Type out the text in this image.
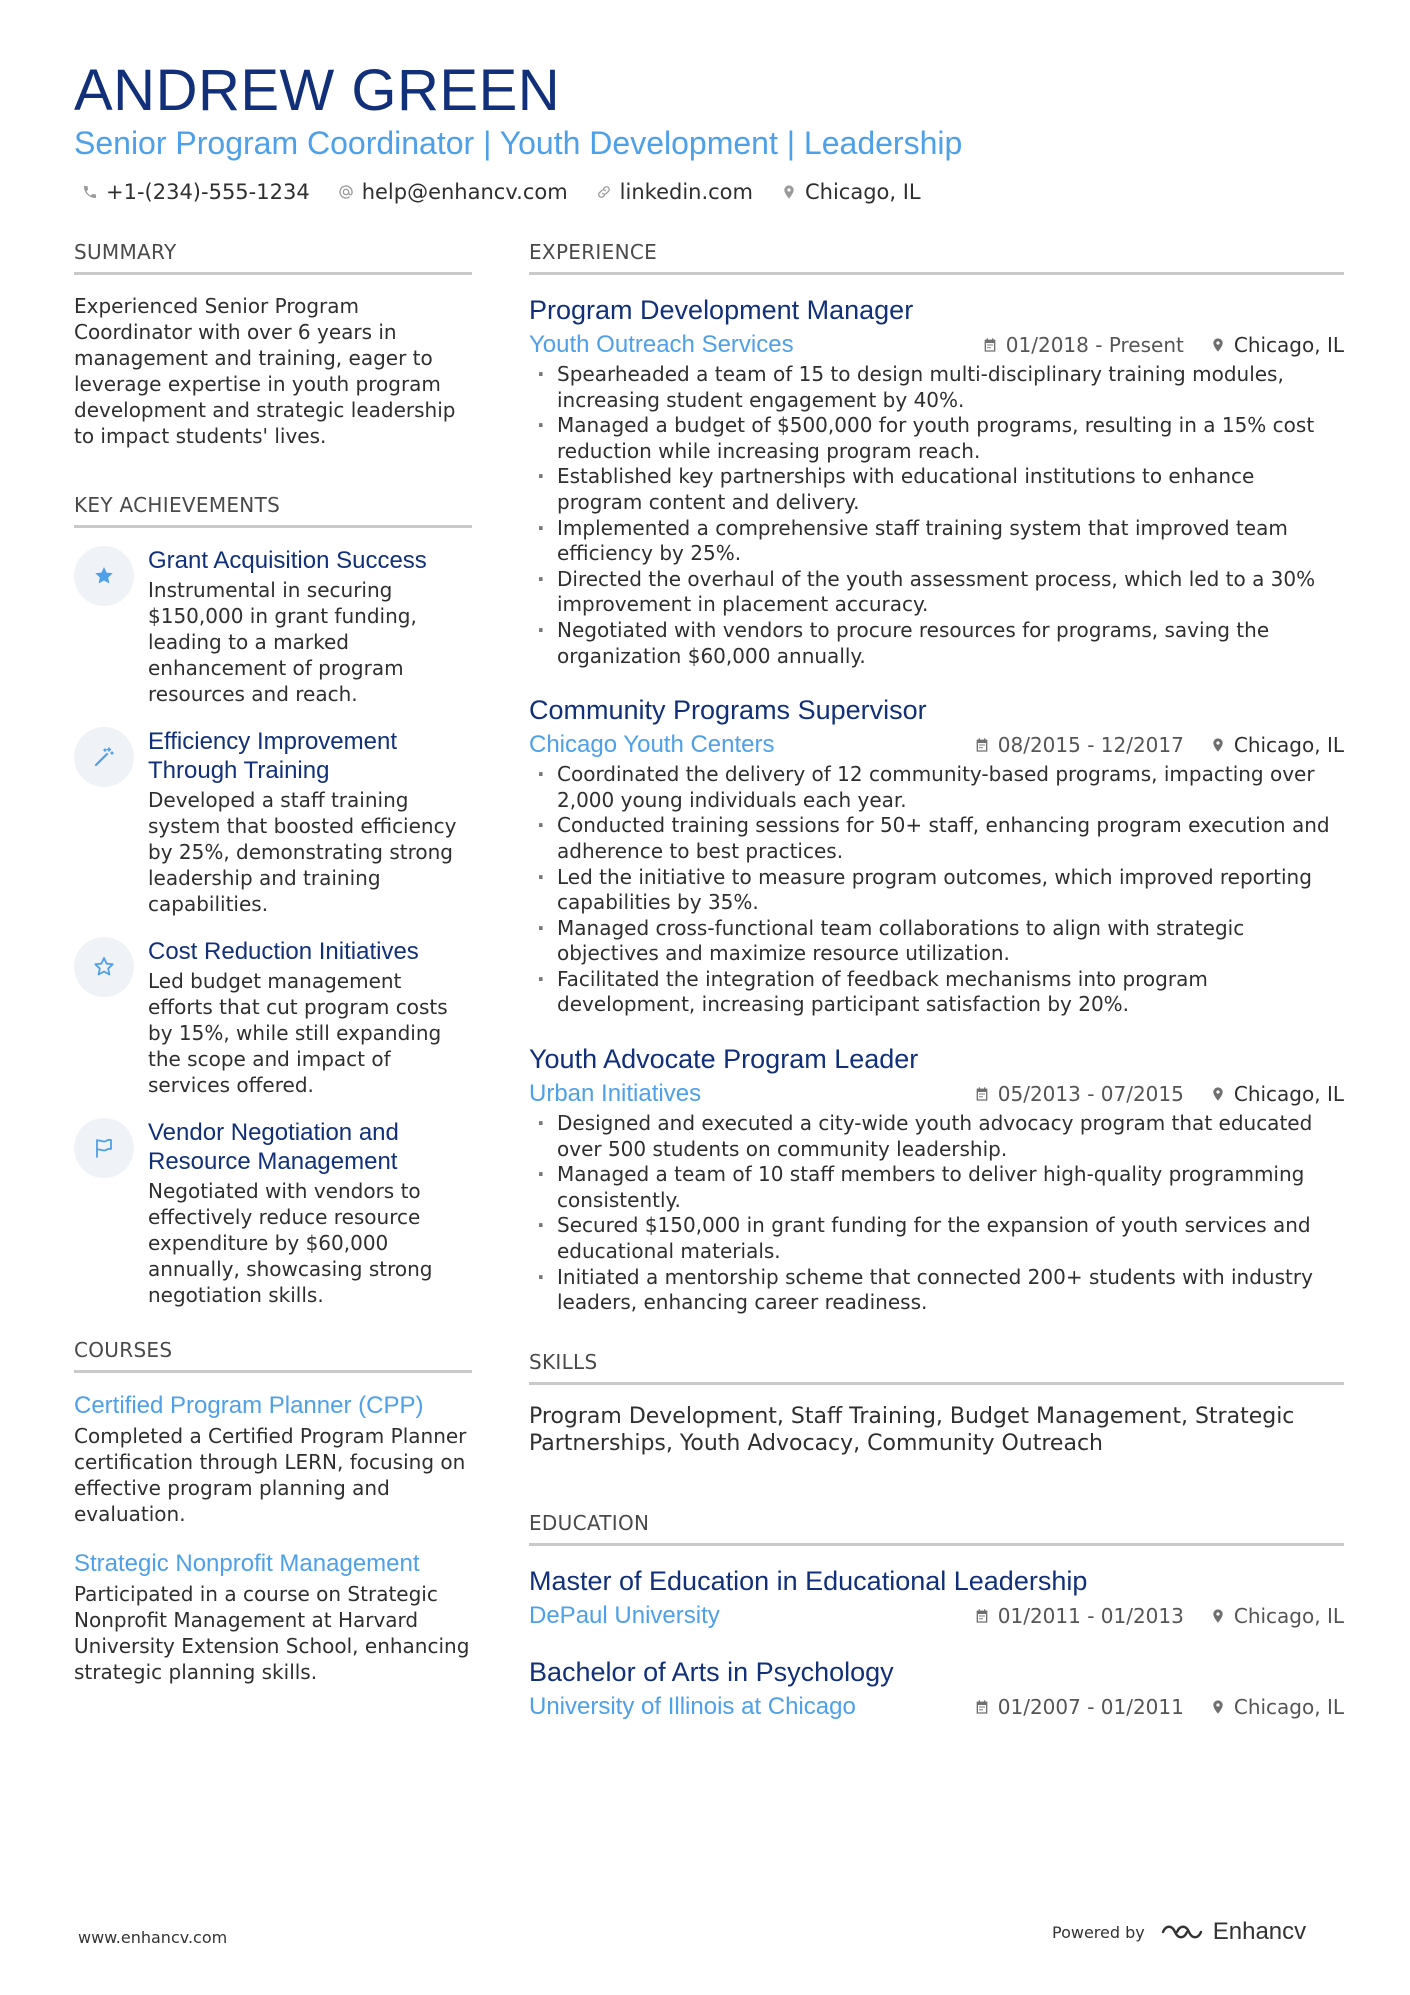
ANDREW GREEN
Senior Program Coordinator | Youth Development | Leadership
+1-(234)-555-1234 help@enhancv.com linkedin.com Chicago, IL
SUMMARY
Experienced Senior Program Coordinator with over 6 years in management and training, eager to leverage expertise in youth program development and strategic leadership to impact students' lives.
KEY ACHIEVEMENTS
Grant Acquisition Success
Instrumental in securing $150,000 in grant funding, leading to a marked enhancement of program resources and reach.
Efficiency Improvement Through Training
Developed a staff training system that boosted efficiency by 25%, demonstrating strong leadership and training capabilities.
Cost Reduction Initiatives
Led budget management efforts that cut program costs by 15%, while still expanding the scope and impact of services offered.
Vendor Negotiation and Resource Management
Negotiated with vendors to effectively reduce resource expenditure by $60,000 annually, showcasing strong negotiation skills.
COURSES
Certified Program Planner (CPP)
Completed a Certified Program Planner certification through LERN, focusing on effective program planning and evaluation.
Strategic Nonprofit Management
Participated in a course on Strategic Nonprofit Management at Harvard University Extension School, enhancing strategic planning skills.
EXPERIENCE
Program Development Manager
Youth Outreach Services	01/2018 - Present	Chicago, IL
· Spearheaded a team of 15 to design multi-disciplinary training modules, increasing student engagement by 40%.
· Managed a budget of $500,000 for youth programs, resulting in a 15% cost reduction while increasing program reach.
· Established key partnerships with educational institutions to enhance program content and delivery.
· Implemented a comprehensive staff training system that improved team efficiency by 25%.
· Directed the overhaul of the youth assessment process, which led to a 30% improvement in placement accuracy.
· Negotiated with vendors to procure resources for programs, saving the organization $60,000 annually.
Community Programs Supervisor
Chicago Youth Centers	08/2015 - 12/2017	Chicago, IL
· Coordinated the delivery of 12 community-based programs, impacting over 2,000 young individuals each year.
· Conducted training sessions for 50+ staff, enhancing program execution and adherence to best practices.
· Led the initiative to measure program outcomes, which improved reporting capabilities by 35%.
· Managed cross-functional team collaborations to align with strategic objectives and maximize resource utilization.
· Facilitated the integration of feedback mechanisms into program development, increasing participant satisfaction by 20%.
Youth Advocate Program Leader
Urban Initiatives	05/2013 - 07/2015	Chicago, IL
· Designed and executed a city-wide youth advocacy program that educated over 500 students on community leadership.
· Managed a team of 10 staff members to deliver high-quality programming consistently.
· Secured $150,000 in grant funding for the expansion of youth services and educational materials.
· Initiated a mentorship scheme that connected 200+ students with industry leaders, enhancing career readiness.
SKILLS
Program Development, Staff Training, Budget Management, Strategic Partnerships, Youth Advocacy, Community Outreach
EDUCATION
Master of Education in Educational Leadership
DePaul University	01/2011 - 01/2013	Chicago, IL
Bachelor of Arts in Psychology
University of Illinois at Chicago	01/2007 - 01/2011	Chicago, IL
www.enhancv.com	Powered by	Enhancv
